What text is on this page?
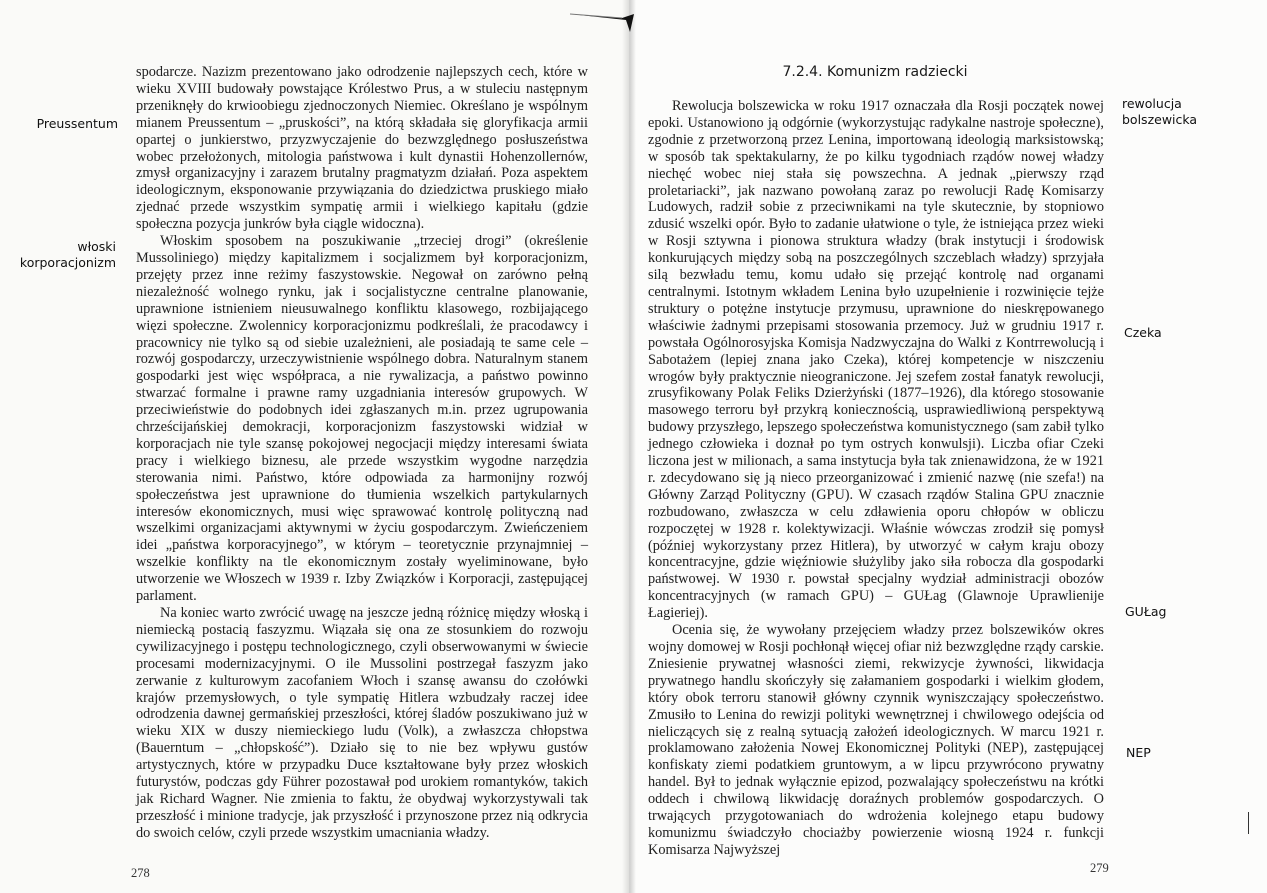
Preussentum
włoski korporacjonizm

spodarcze. Nazizm prezentowano jako odrodzenie najlepszych cech, które w wieku XVIII budowały powstające Królestwo Prus, a w stuleciu następnym przeniknęły do krwioobiegu zjednoczonych Niemiec. Określano je wspólnym mianem Preussentum – „pruskości”, na którą składała się gloryfikacja armii opartej o junkierstwo, przyzwyczajenie do bezwzględnego posłuszeństwa wobec przełożonych, mitologia państwowa i kult dynastii Hohenzollernów, zmysł organizacyjny i zarazem brutalny pragmatyzm działań. Poza aspektem ideologicznym, eksponowanie przywiązania do dziedzictwa pruskiego miało zjednać przede wszystkim sympatię armii i wielkiego kapitału (gdzie społeczna pozycja junkrów była ciągle widoczna).

Włoskim sposobem na poszukiwanie „trzeciej drogi” (określenie Mussoliniego) między kapitalizmem i socjalizmem był korporacjonizm, przejęty przez inne reżimy faszystowskie. Negował on zarówno pełną niezależność wolnego rynku, jak i socjalistyczne centralne planowanie, uprawnione istnieniem nieusuwalnego konfliktu klasowego, rozbijającego więzi społeczne. Zwolennicy korporacjonizmu podkreślali, że pracodawcy i pracownicy nie tylko są od siebie uzależnieni, ale posiadają te same cele – rozwój gospodarczy, urzeczywistnienie wspólnego dobra. Naturalnym stanem gospodarki jest więc współpraca, a nie rywalizacja, a państwo powinno stwarzać formalne i prawne ramy uzgadniania interesów grupowych. W przeciwieństwie do podobnych idei zgłaszanych m.in. przez ugrupowania chrześcijańskiej demokracji, korporacjonizm faszystowski widział w korporacjach nie tyle szansę pokojowej negocjacji między interesami świata pracy i wielkiego biznesu, ale przede wszystkim wygodne narzędzia sterowania nimi. Państwo, które odpowiada za harmonijny rozwój społeczeństwa jest uprawnione do tłumienia wszelkich partykularnych interesów ekonomicznych, musi więc sprawować kontrolę polityczną nad wszelkimi organizacjami aktywnymi w życiu gospodarczym. Zwieńczeniem idei „państwa korporacyjnego”, w którym – teoretycznie przynajmniej – wszelkie konflikty na tle ekonomicznym zostały wyeliminowane, było utworzenie we Włoszech w 1939 r. Izby Związków i Korporacji, zastępującej parlament.

Na koniec warto zwrócić uwagę na jeszcze jedną różnicę między włoską i niemiecką postacią faszyzmu. Wiązała się ona ze stosunkiem do rozwoju cywilizacyjnego i postępu technologicznego, czyli obserwowanymi w świecie procesami modernizacyjnymi. O ile Mussolini postrzegał faszyzm jako zerwanie z kulturowym zacofaniem Włoch i szansę awansu do czołówki krajów przemysłowych, o tyle sympatię Hitlera wzbudzały raczej idee odrodzenia dawnej germańskiej przeszłości, której śladów poszukiwano już w wieku XIX w duszy niemieckiego ludu (Volk), a zwłaszcza chłopstwa (Bauerntum – „chłopskość”). Działo się to nie bez wpływu gustów artystycznych, które w przypadku Duce kształtowane były przez włoskich futurystów, podczas gdy Führer pozostawał pod urokiem romantyków, takich jak Richard Wagner. Nie zmienia to faktu, że obydwaj wykorzystywali tak przeszłość i minione tradycje, jak przyszłość i przynoszone przez nią odkrycia do swoich celów, czyli przede wszystkim umacniania władzy.

278
rewolucja bolszewicka
Czeka
GUŁag
NEP
7.2.4. Komunizm radziecki

Rewolucja bolszewicka w roku 1917 oznaczała dla Rosji początek nowej epoki. Ustanowiono ją odgórnie (wykorzystując radykalne nastroje społeczne), zgodnie z przetworzoną przez Lenina, importowaną ideologią marksistowską; w sposób tak spektakularny, że po kilku tygodniach rządów nowej władzy niechęć wobec niej stała się powszechna. A jednak „pierwszy rząd proletariacki”, jak nazwano powołaną zaraz po rewolucji Radę Komisarzy Ludowych, radził sobie z przeciwnikami na tyle skutecznie, by stopniowo zdusić wszelki opór. Było to zadanie ułatwione o tyle, że istniejąca przez wieki w Rosji sztywna i pionowa struktura władzy (brak instytucji i środowisk konkurujących między sobą na poszczególnych szczeblach władzy) sprzyjała silą bezwładu temu, komu udało się przejąć kontrolę nad organami centralnymi. Istotnym wkładem Lenina było uzupełnienie i rozwinięcie tejże struktury o potężne instytucje przymusu, uprawnione do nieskrępowanego właściwie żadnymi przepisami stosowania przemocy. Już w grudniu 1917 r. powstała Ogólnorosyjska Komisja Nadzwyczajna do Walki z Kontrrewolucją i Sabotażem (lepiej znana jako Czeka), której kompetencje w niszczeniu wrogów były praktycznie nieograniczone. Jej szefem został fanatyk rewolucji, zrusyfikowany Polak Feliks Dzierżyński (1877–1926), dla którego stosowanie masowego terroru był przykrą koniecznością, usprawiedliwioną perspektywą budowy przyszłego, lepszego społeczeństwa komunistycznego (sam zabił tylko jednego człowieka i doznał po tym ostrych konwulsji). Liczba ofiar Czeki liczona jest w milionach, a sama instytucja była tak znienawidzona, że w 1921 r. zdecydowano się ją nieco przeorganizować i zmienić nazwę (nie szefa!) na Główny Zarząd Polityczny (GPU). W czasach rządów Stalina GPU znacznie rozbudowano, zwłaszcza w celu zdławienia oporu chłopów w obliczu rozpoczętej w 1928 r. kolektywizacji. Właśnie wówczas zrodził się pomysł (później wykorzystany przez Hitlera), by utworzyć w całym kraju obozy koncentracyjne, gdzie więźniowie służyliby jako siła robocza dla gospodarki państwowej. W 1930 r. powstał specjalny wydział administracji obozów koncentracyjnych (w ramach GPU) – GUŁag (Glawnoje Uprawlienije Łagieriej).

Ocenia się, że wywołany przejęciem władzy przez bolszewików okres wojny domowej w Rosji pochłonął więcej ofiar niż bezwzględne rządy carskie. Zniesienie prywatnej własności ziemi, rekwizycje żywności, likwidacja prywatnego handlu skończyły się załamaniem gospodarki i wielkim głodem, który obok terroru stanowił główny czynnik wyniszczający społeczeństwo. Zmusiło to Lenina do rewizji polityki wewnętrznej i chwilowego odejścia od nieliczących się z realną sytuacją założeń ideologicznych. W marcu 1921 r. proklamowano założenia Nowej Ekonomicznej Polityki (NEP), zastępującej konfiskaty ziemi podatkiem gruntowym, a w lipcu przywrócono prywatny handel. Był to jednak wyłącznie epizod, pozwalający społeczeństwu na krótki oddech i chwilową likwidację doraźnych problemów gospodarczych. O trwających przygotowaniach do wdrożenia kolejnego etapu budowy komunizmu świadczyło chociażby powierzenie wiosną 1924 r. funkcji Komisarza Najwyższej

279
